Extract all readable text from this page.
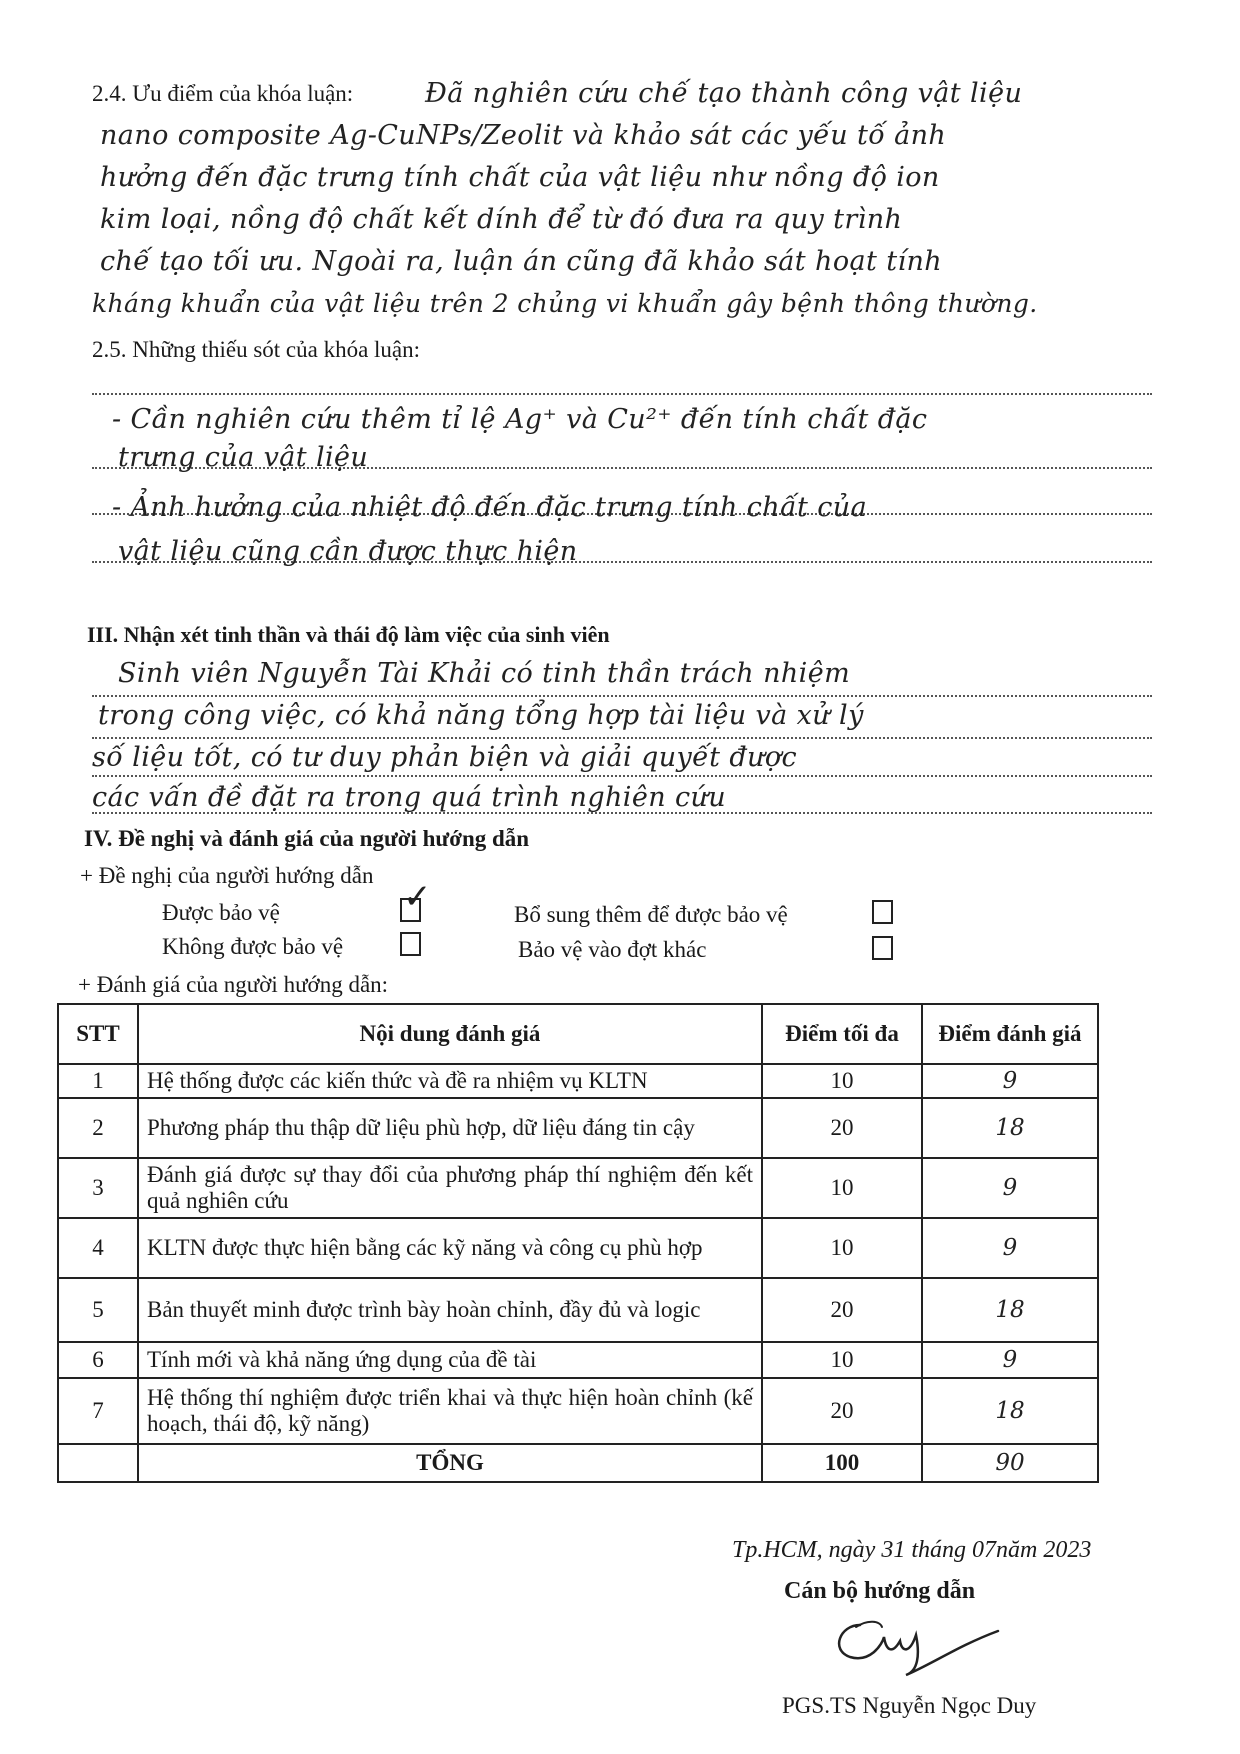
2.4. Ưu điểm của khóa luận:	Đã nghiên cứu chế tạo thành công vật liệu
nano composite Ag-CuNPs/Zeolit và khảo sát các yếu tố ảnh
hưởng đến đặc trưng tính chất của vật liệu như nồng độ ion
kim loại, nồng độ chất kết dính để từ đó đưa ra quy trình
chế tạo tối ưu. Ngoài ra, luận án cũng đã khảo sát hoạt tính
kháng khuẩn của vật liệu trên 2 chủng vi khuẩn gây bệnh thông thường.
2.5. Những thiếu sót của khóa luận:
- Cần nghiên cứu thêm tỉ lệ Ag⁺ và Cu²⁺ đến tính chất đặc
trưng của vật liệu
- Ảnh hưởng của nhiệt độ đến đặc trưng tính chất của
vật liệu cũng cần được thực hiện
III. Nhận xét tinh thần và thái độ làm việc của sinh viên
Sinh viên Nguyễn Tài Khải có tinh thần trách nhiệm
trong công việc, có khả năng tổng hợp tài liệu và xử lý
số liệu tốt, có tư duy phản biện và giải quyết được
các vấn đề đặt ra trong quá trình nghiên cứu
IV. Đề nghị và đánh giá của người hướng dẫn
+ Đề nghị của người hướng dẫn
Được bảo vệ	✓	Bổ sung thêm để được bảo vệ
Không được bảo vệ	Bảo vệ vào đợt khác
+ Đánh giá của người hướng dẫn:
STT	Nội dung đánh giá	Điểm tối đa	Điểm đánh giá
1	Hệ thống được các kiến thức và đề ra nhiệm vụ KLTN	10	9
2	Phương pháp thu thập dữ liệu phù hợp, dữ liệu đáng tin cậy	20	18
3	Đánh giá được sự thay đổi của phương pháp thí nghiệm đến kết quả nghiên cứu	10	9
4	KLTN được thực hiện bằng các kỹ năng và công cụ phù hợp	10	9
5	Bản thuyết minh được trình bày hoàn chỉnh, đầy đủ và logic	20	18
6	Tính mới và khả năng ứng dụng của đề tài	10	9
7	Hệ thống thí nghiệm được triển khai và thực hiện hoàn chỉnh (kế hoạch, thái độ, kỹ năng)	20	18
	TỔNG	100	90
Tp.HCM, ngày 31 tháng 07năm 2023
Cán bộ hướng dẫn
PGS.TS Nguyễn Ngọc Duy
